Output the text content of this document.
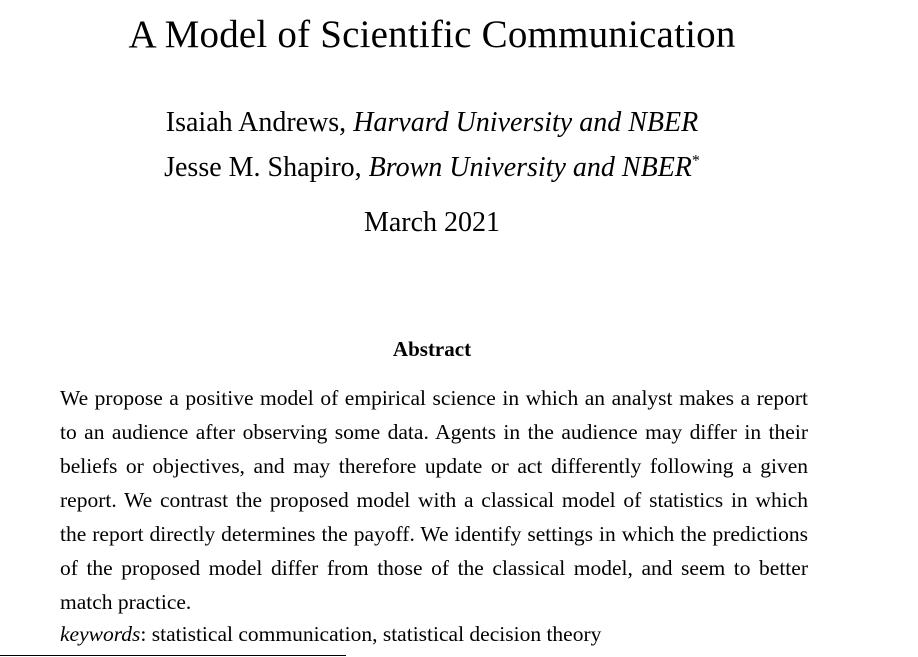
A Model of Scientific Communication
Isaiah Andrews, Harvard University and NBER
Jesse M. Shapiro, Brown University and NBER*
March 2021
Abstract

We propose a positive model of empirical science in which an analyst makes a report to an audience after observing some data. Agents in the audience may differ in their beliefs or objectives, and may therefore update or act differently following a given report. We contrast the proposed model with a classical model of statistics in which the report directly determines the payoff. We identify settings in which the predictions of the proposed model differ from those of the classical model, and seem to better match practice.

keywords: statistical communication, statistical decision theory
